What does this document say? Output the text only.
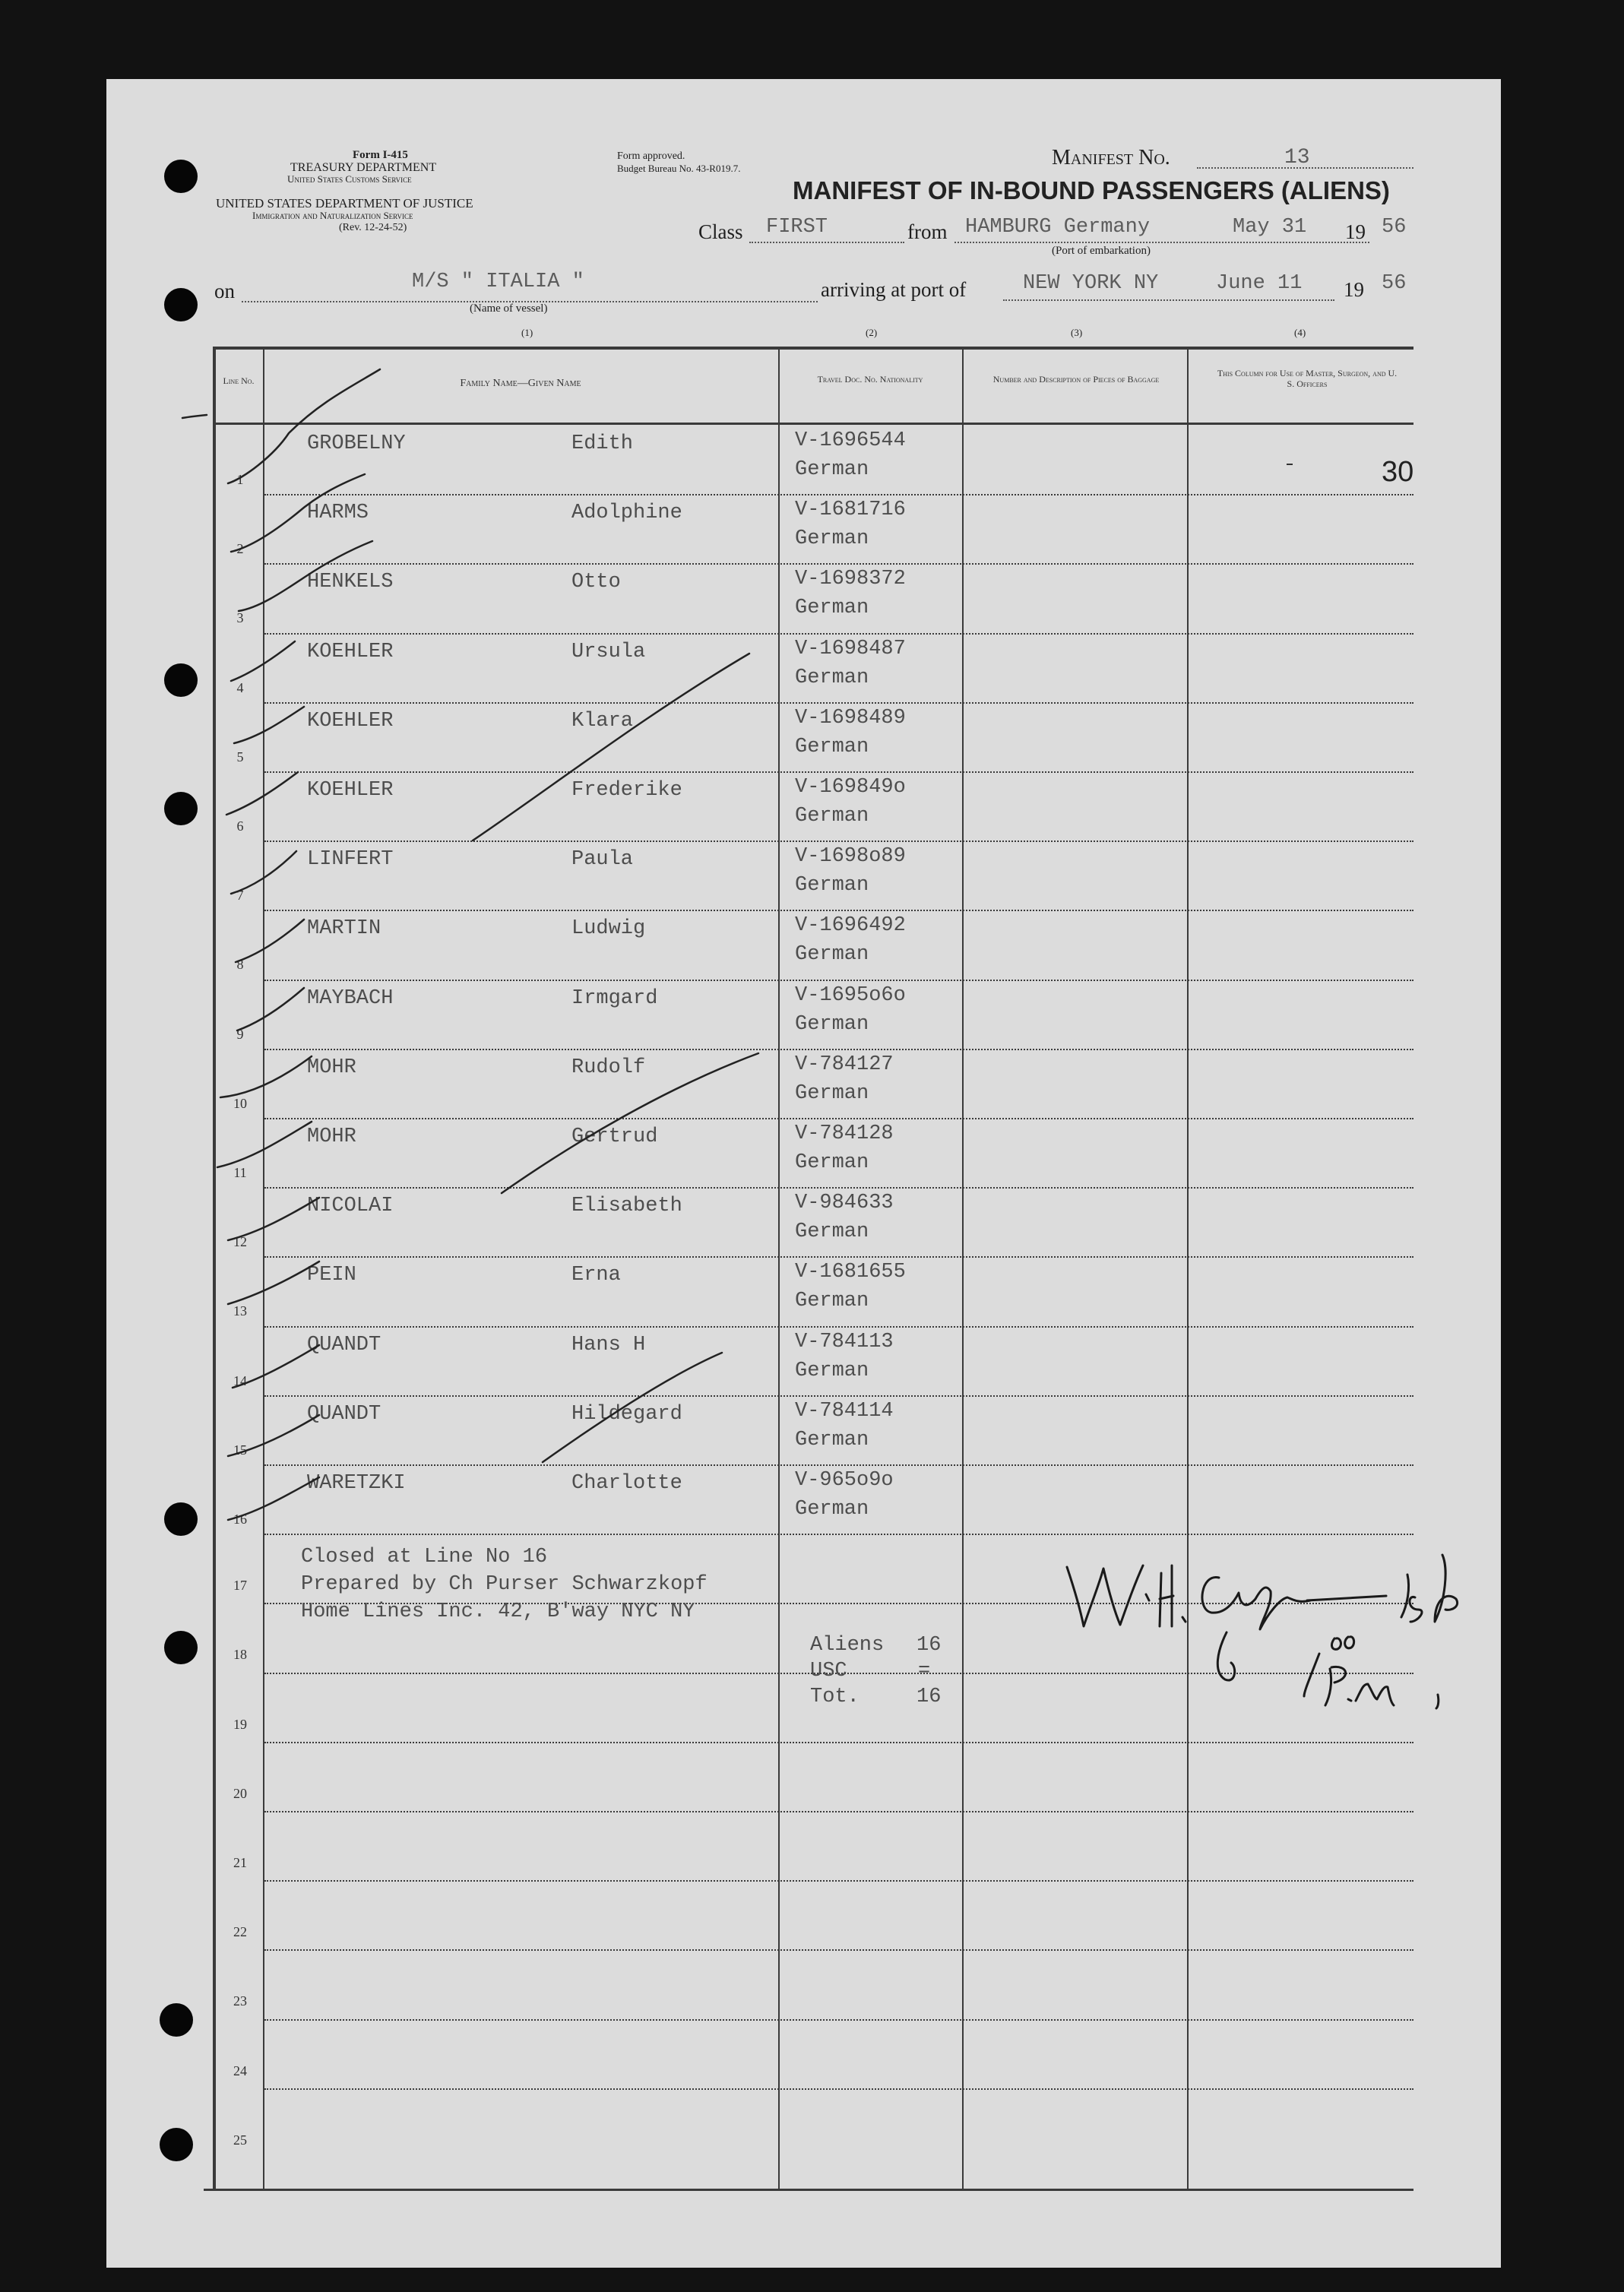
Form I-415
TREASURY DEPARTMENT
United States Customs Service
UNITED STATES DEPARTMENT OF JUSTICE
Immigration and Naturalization Service
(Rev. 12-24-52)
Form approved.
Budget Bureau No. 43-R019.7.	Manifest No.	13
MANIFEST OF IN-BOUND PASSENGERS (ALIENS)
Class FIRST	from HAMBURG Germany	May 31 19 56
(Port of embarkation)
on	M/S " ITALIA "
(Name of vessel)
arriving at port of	NEW YORK NY	June 11 19 56
(1)	(2)	(3)	(4)
Line No.	Family Name—Given Name	Travel Doc. No. Nationality	Number and Description of Pieces of Baggage
This Column for Use of Master, Surgeon, and U. S. Officers
1
GROBELNY	Edith	V-1696544
German
2
HARMS	Adolphine	V-1681716
German
3
HENKELS	Otto	V-1698372
German
4
KOEHLER	Ursula	V-1698487
German
5
KOEHLER	Klara	V-1698489
German
6
KOEHLER	Frederike	V-169849o
German
7
LINFERT	Paula	V-1698o89
German
8
MARTIN	Ludwig	V-1696492
German
9
MAYBACH	Irmgard	V-1695o6o
German
10
MOHR	Rudolf	V-784127
German
11
MOHR	Gertrud	V-784128
German
12
NICOLAI	Elisabeth	V-984633
German
13
PEIN	Erna	V-1681655
German
14
QUANDT	Hans H	V-784113
German
15
QUANDT	Hildegard	V-784114
German
16
WARETZKI	Charlotte	V-965o9o
German
17
18
19
20
21
22
23
24
25
Closed at Line No 16
Prepared by Ch Purser Schwarzkopf
Home Lines Inc. 42, B'way NYC NY
Aliens 16
USC	=
Tot.	16
30
